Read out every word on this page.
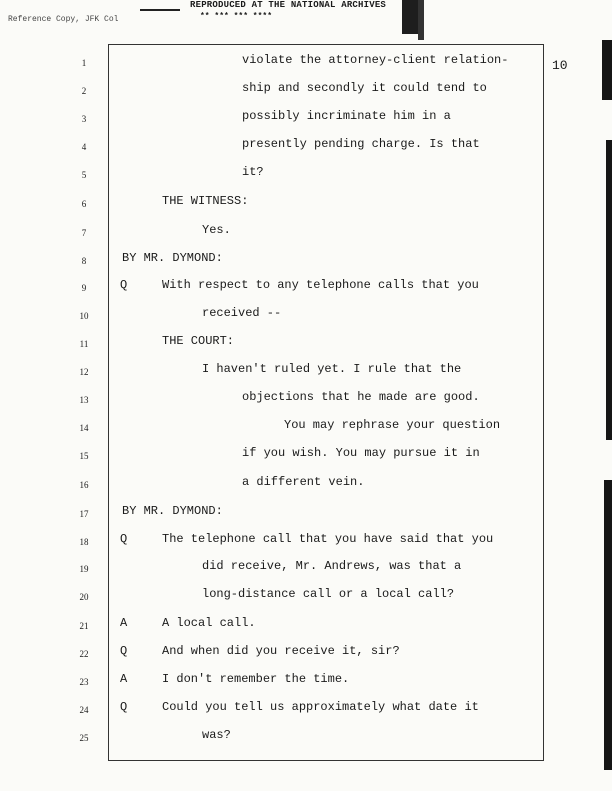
REPRODUCED AT THE NATIONAL ARCHIVES
** *** *** ****
Reference Copy, JFK Col
10
1	violate the attorney-client relation-
2	ship and secondly it could tend to
3	possibly incriminate him in a
4	presently pending charge. Is that
5	it?
6	THE WITNESS:
7	Yes.
8	BY MR. DYMOND:
9	Q	With respect to any telephone calls that you
10	received --
11	THE COURT:
12	I haven't ruled yet. I rule that the
13	objections that he made are good.
14	You may rephrase your question
15	if you wish. You may pursue it in
16	a different vein.
17	BY MR. DYMOND:
18	Q	The telephone call that you have said that you
19	did receive, Mr. Andrews, was that a
20	long-distance call or a local call?
21	A	A local call.
22	Q	And when did you receive it, sir?
23	A	I don't remember the time.
24	Q	Could you tell us approximately what date it
25	was?
